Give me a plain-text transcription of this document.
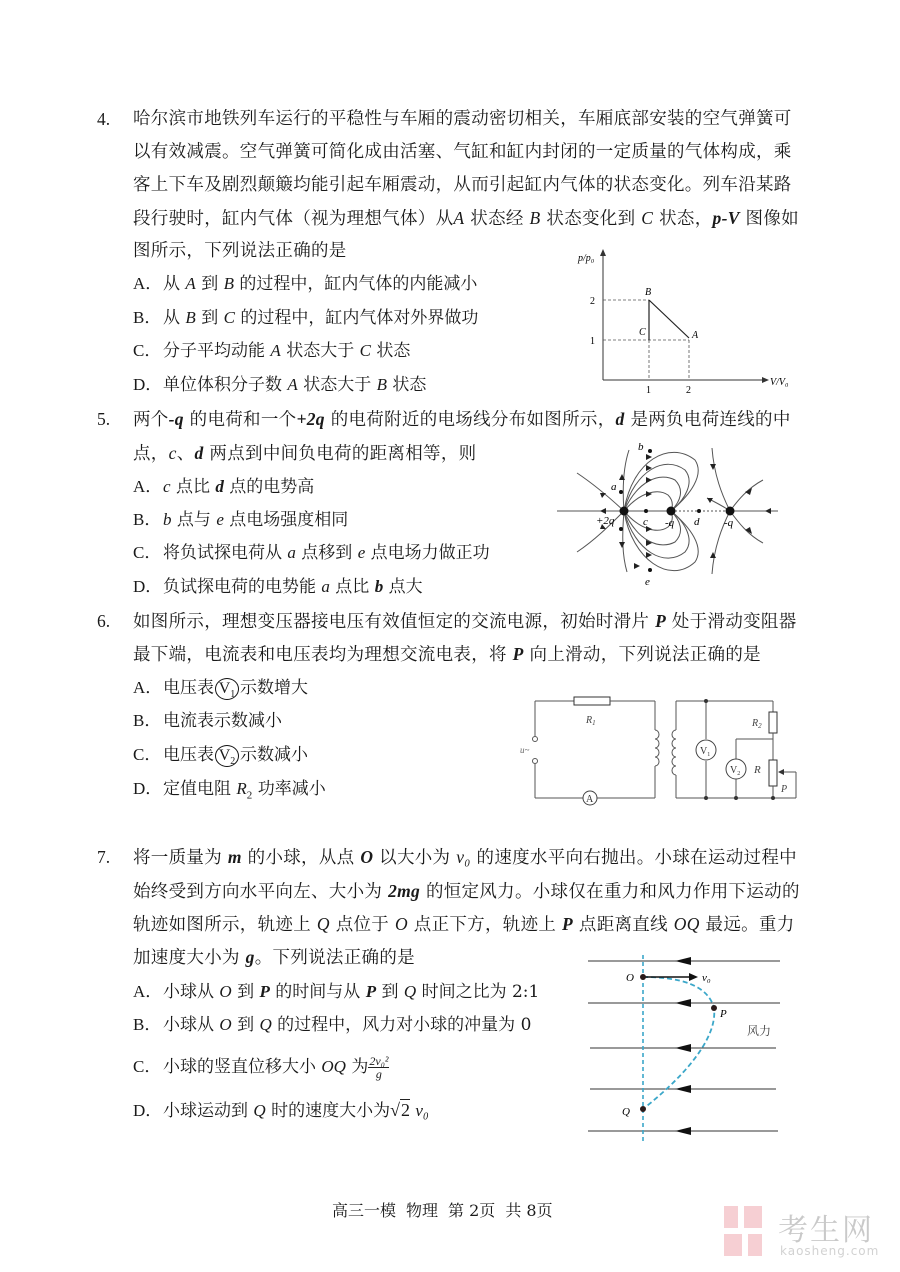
4. 哈尔滨市地铁列车运行的平稳性与车厢的震动密切相关，车厢底部安装的空气弹簧可
以有效减震。空气弹簧可简化成由活塞、气缸和缸内封闭的一定质量的气体构成，乘
客上下车及剧烈颠簸均能引起车厢震动，从而引起缸内气体的状态变化。列车沿某路
段行驶时，缸内气体（视为理想气体）从A 状态经 B 状态变化到 C 状态，p-V 图像如
图所示，下列说法正确的是
A．从 A 到 B 的过程中，缸内气体的内能减小
B．从 B 到 C 的过程中，缸内气体对外界做功
C．分子平均动能 A 状态大于 C 状态
D．单位体积分子数 A 状态大于 B 状态
p/p₀
V/V₀
2
1
1	2
B
C	A
5. 两个-q 的电荷和一个+2q 的电荷附近的电场线分布如图所示，d 是两负电荷连线的中
点，c、d 两点到中间负电荷的距离相等，则
A．c 点比 d 点的电势高
B．b 点与 e 点电场强度相同
C．将负试探电荷从 a 点移到 e 点电场力做正功
D．负试探电荷的电势能 a 点比 b 点大
+2q	-q	-q
a
b
c	d
e
6. 如图所示，理想变压器接电压有效值恒定的交流电源，初始时滑片 P 处于滑动变阻器
最下端，电流表和电压表均为理想交流电表，将 P 向上滑动，下列说法正确的是
A．电压表 $V_1$ 示数增大
B．电流表示数减小
C．电压表 $V_2$ 示数减小
D．定值电阻 $R_2$ 功率减小
$R_1$	$R_2$
R
P
u~	$V_1$
$V_2$
A
7. 将一质量为 m 的小球，从点 O 以大小为 v₀ 的速度水平向右抛出。小球在运动过程中
始终受到方向水平向左、大小为 2mg 的恒定风力。小球仅在重力和风力作用下运动的
轨迹如图所示，轨迹上 Q 点位于 O 点正下方，轨迹上 P 点距离直线 OQ 最远。重力
加速度大小为 g。下列说法正确的是
A．小球从 O 到 P 的时间与从 P 到 Q 时间之比为 2:1
B．小球从 O 到 Q 的过程中，风力对小球的冲量为 0
C．小球的竖直位移大小 OQ 为 $\frac{\text{2v₀²}}{g}$
D．小球运动到 Q 时的速度大小为√2 v₀
O	v₀
P
Q
风力
高三一模 物理 第 2页 共 8页
考生网
kaosheng.com
